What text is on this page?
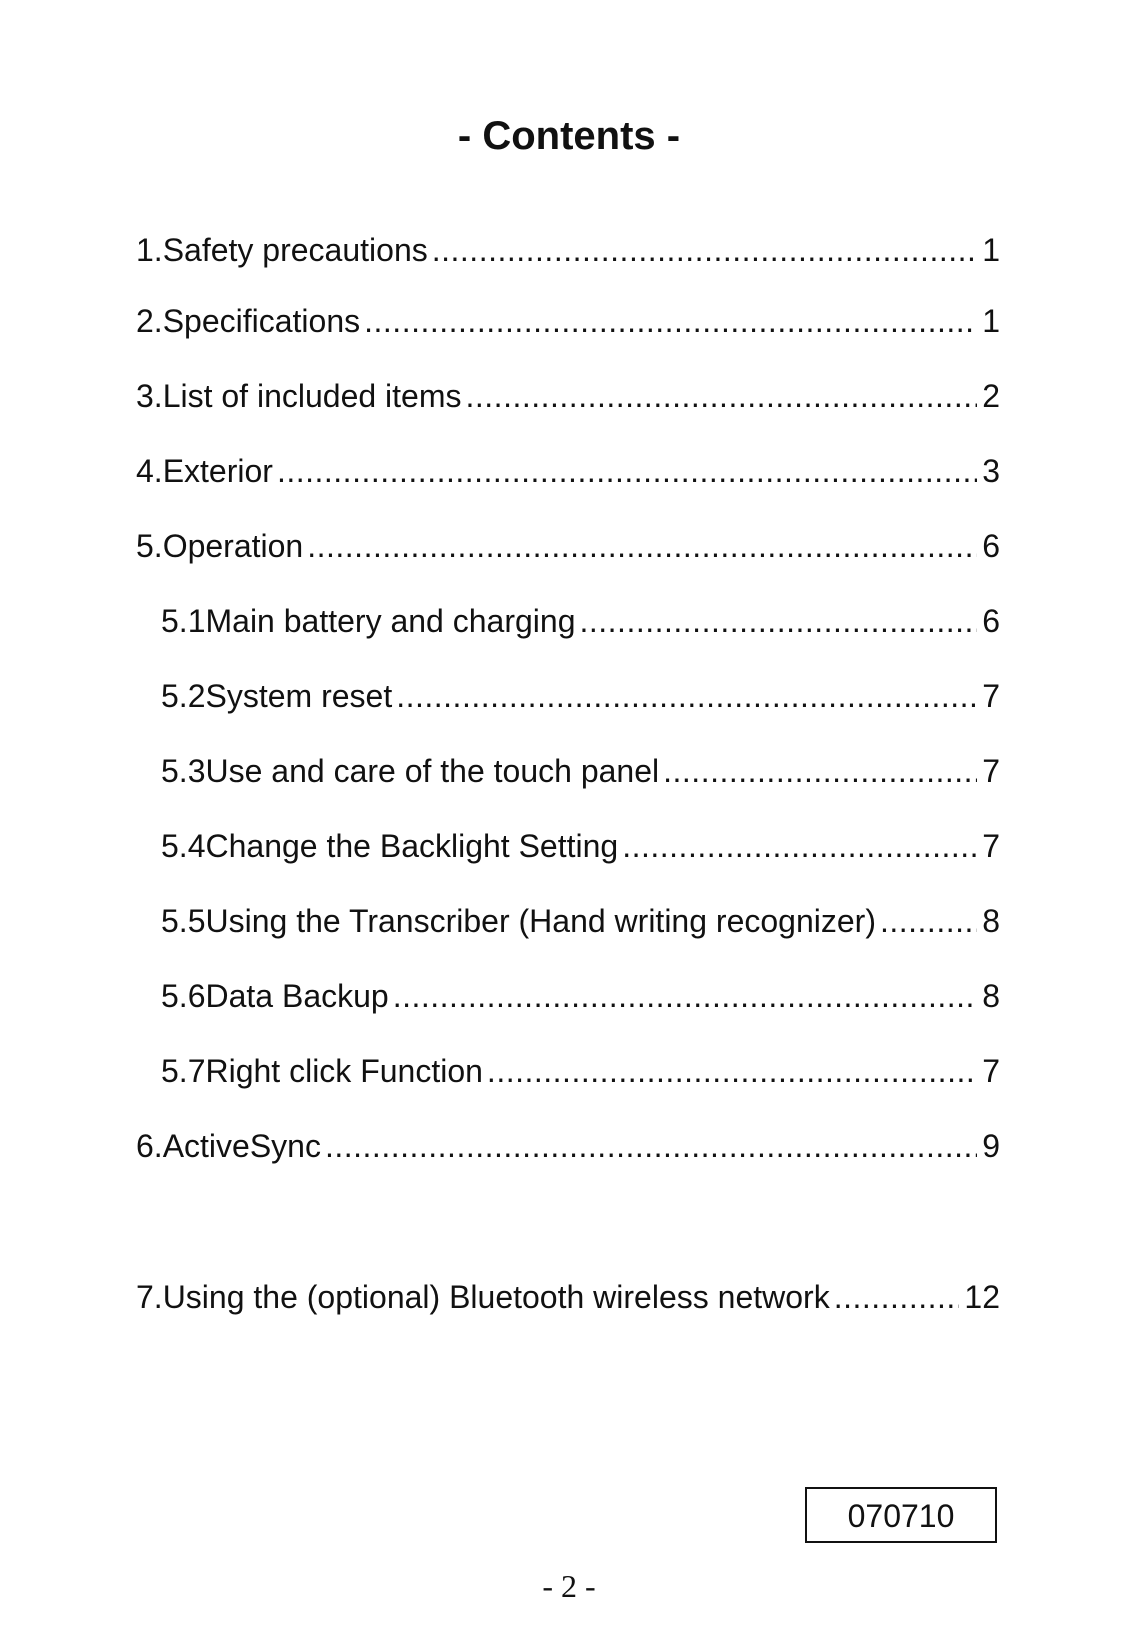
- Contents -
1. Safety precautions .....	1
2. Specifications .....	1
3. List of included items .....	2
4. Exterior .....	3
5. Operation .....	6
5.1 Main battery and charging .....	6
5.2 System reset .....	7
5.3 Use and care of the touch panel .....	7
5.4 Change the Backlight Setting .....	7
5.5 Using the Transcriber (Hand writing recognizer) .....	8
5.6 Data Backup .....	8
5.7 Right click Function .....	7
6. ActiveSync .....	9
7. Using the (optional) Bluetooth wireless network .....	12
070710
- 2 -
